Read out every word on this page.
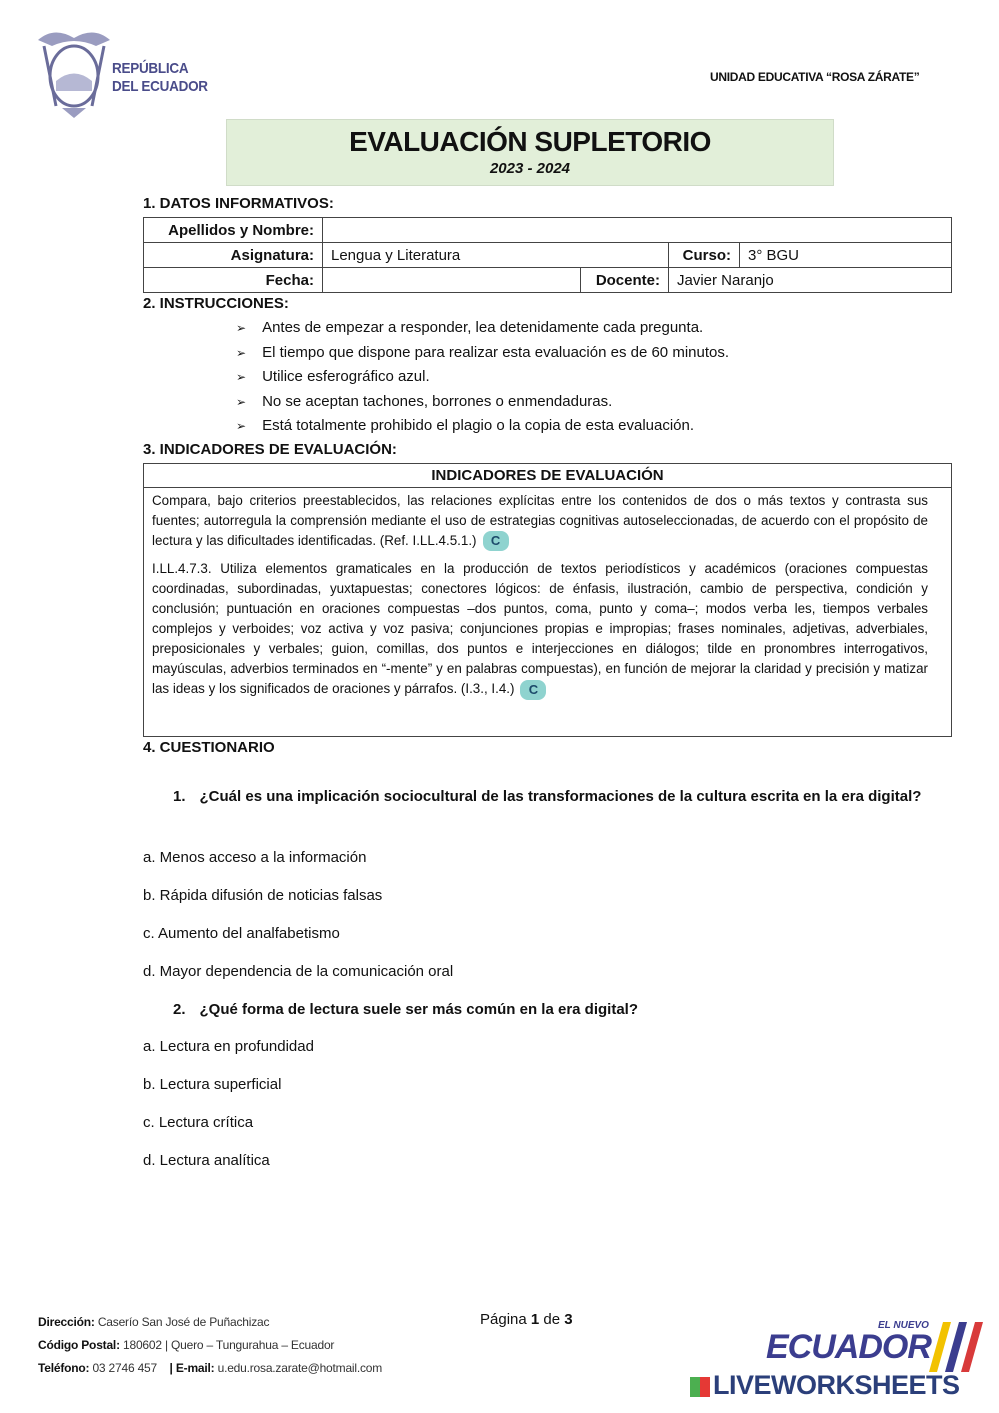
REPÚBLICA
DEL ECUADOR
UNIDAD EDUCATIVA “ROSA ZÁRATE”
EVALUACIÓN SUPLETORIO
2023 - 2024
1. DATOS INFORMATIVOS:
Apellidos y Nombre:				
Asignatura:	Lengua y Literatura		Curso:	3° BGU
Fecha:		Docente:	Javier Naranjo	
2. INSTRUCCIONES:
➢ Antes de empezar a responder, lea detenidamente cada pregunta.
➢ El tiempo que dispone para realizar esta evaluación es de 60 minutos.
➢ Utilice esferográfico azul.
➢ No se aceptan tachones, borrones o enmendaduras.
➢ Está totalmente prohibido el plagio o la copia de esta evaluación.
3. INDICADORES DE EVALUACIÓN:
INDICADORES DE EVALUACIÓN

Compara, bajo criterios preestablecidos, las relaciones explícitas entre los contenidos de dos o más textos y contrasta sus fuentes; autorregula la comprensión mediante el uso de estrategias cognitivas autoseleccionadas, de acuerdo con el propósito de lectura y las dificultades identificadas. (Ref. I.LL.4.5.1.) C

I.LL.4.7.3. Utiliza elementos gramaticales en la producción de textos periodísticos y académicos (oraciones compuestas coordinadas, subordinadas, yuxtapuestas; conectores lógicos: de énfasis, ilustración, cambio de perspectiva, condición y conclusión; puntuación en oraciones compuestas –dos puntos, coma, punto y coma–; modos verba les, tiempos verbales complejos y verboides; voz activa y voz pasiva; conjunciones propias e impropias; frases nominales, adjetivas, adverbiales, preposicionales y verbales; guion, comillas, dos puntos e interjecciones en diálogos; tilde en pronombres interrogativos, mayúsculas, adverbios terminados en “-mente” y en palabras compuestas), en función de mejorar la claridad y precisión y matizar las ideas y los significados de oraciones y párrafos. (I.3., I.4.) C

4. CUESTIONARIO
1. ¿Cuál es una implicación sociocultural de las transformaciones de la cultura escrita en la era digital?
a. Menos acceso a la información
b. Rápida difusión de noticias falsas
c. Aumento del analfabetismo
d. Mayor dependencia de la comunicación oral
2. ¿Qué forma de lectura suele ser más común en la era digital?
a. Lectura en profundidad
b. Lectura superficial
c. Lectura crítica
d. Lectura analítica
Dirección: Caserío San José de Puñachizac
Código Postal: 180602 | Quero – Tungurahua – Ecuador
Teléfono: 03 2746 457 | E-mail: u.edu.rosa.zarate@hotmail.com
Página 1 de 3	EL NUEVO
ECUADOR
LIVEWORKSHEETS
